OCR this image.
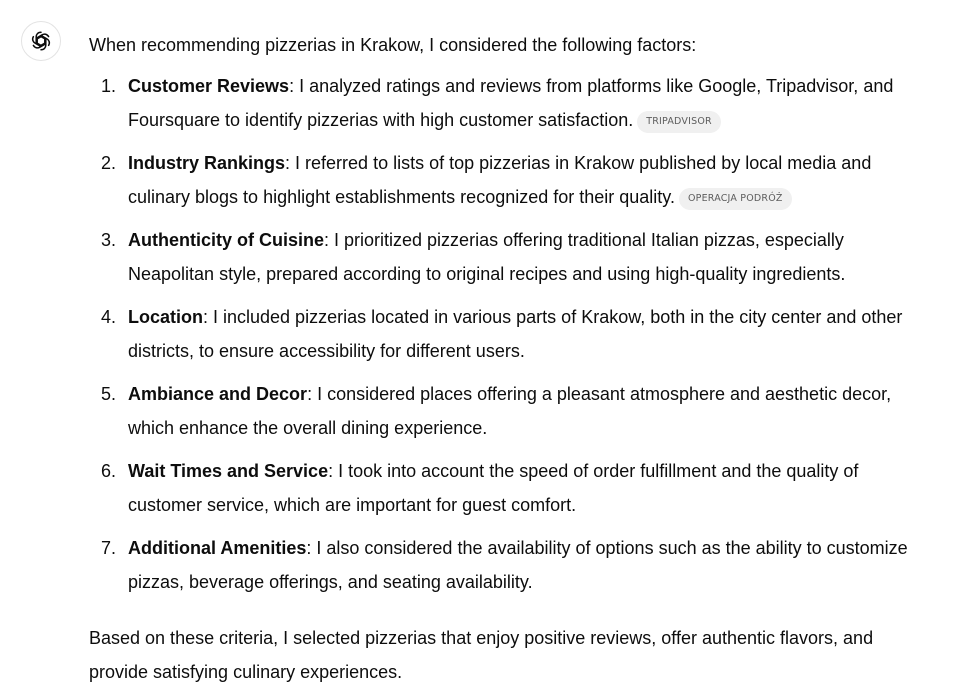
When recommending pizzerias in Krakow, I considered the following factors:

1. Customer Reviews: I analyzed ratings and reviews from platforms like Google, Tripadvisor, and Foursquare to identify pizzerias with high customer satisfaction. TRIPADVISOR
2. Industry Rankings: I referred to lists of top pizzerias in Krakow published by local media and culinary blogs to highlight establishments recognized for their quality. OPERACJA PODRÓŻ
3. Authenticity of Cuisine: I prioritized pizzerias offering traditional Italian pizzas, especially Neapolitan style, prepared according to original recipes and using high-quality ingredients.
4. Location: I included pizzerias located in various parts of Krakow, both in the city center and other districts, to ensure accessibility for different users.
5. Ambiance and Decor: I considered places offering a pleasant atmosphere and aesthetic decor, which enhance the overall dining experience.
6. Wait Times and Service: I took into account the speed of order fulfillment and the quality of customer service, which are important for guest comfort.
7. Additional Amenities: I also considered the availability of options such as the ability to customize pizzas, beverage offerings, and seating availability.

Based on these criteria, I selected pizzerias that enjoy positive reviews, offer authentic flavors, and provide satisfying culinary experiences.
